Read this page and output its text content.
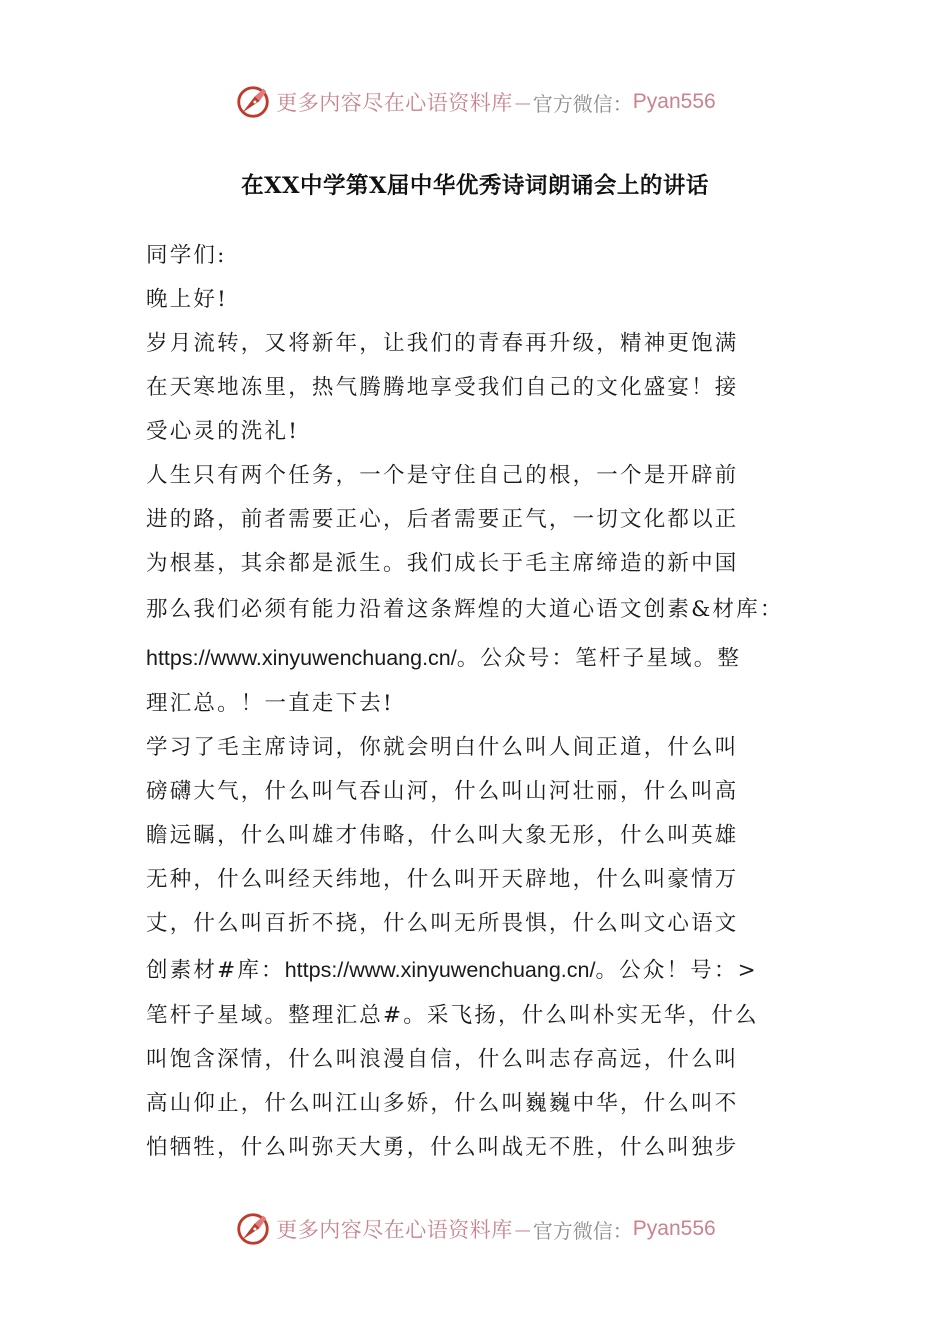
更多内容尽在心语资料库 — 官方微信： Pyan556
在XX中学第X届中华优秀诗词朗诵会上的讲话
同学们:
晚上好!
岁月流转，又将新年，让我们的青春再升级，精神更饱满
在天寒地冻里，热气腾腾地享受我们自己的文化盛宴！接
受心灵的洗礼!
人生只有两个任务，一个是守住自己的根，一个是开辟前
进的路，前者需要正心，后者需要正气，一切文化都以正
为根基，其余都是派生。我们成长于毛主席缔造的新中国
那么我们必须有能力沿着这条辉煌的大道心语文创素&材库：
https://www.xinyuwenchuang.cn/。公众号：笔杆子星域。整
理汇总。！一直走下去!
学习了毛主席诗词，你就会明白什么叫人间正道，什么叫
磅礴大气，什么叫气吞山河，什么叫山河壮丽，什么叫高
瞻远瞩，什么叫雄才伟略，什么叫大象无形，什么叫英雄
无种，什么叫经天纬地，什么叫开天辟地，什么叫豪情万
丈，什么叫百折不挠，什么叫无所畏惧，什么叫文心语文
创素材#库：https://www.xinyuwenchuang.cn/。公众！号：>
笔杆子星域。整理汇总#。采飞扬，什么叫朴实无华，什么
叫饱含深情，什么叫浪漫自信，什么叫志存高远，什么叫
高山仰止，什么叫江山多娇，什么叫巍巍中华，什么叫不
怕牺牲，什么叫弥天大勇，什么叫战无不胜，什么叫独步
更多内容尽在心语资料库 — 官方微信： Pyan556
